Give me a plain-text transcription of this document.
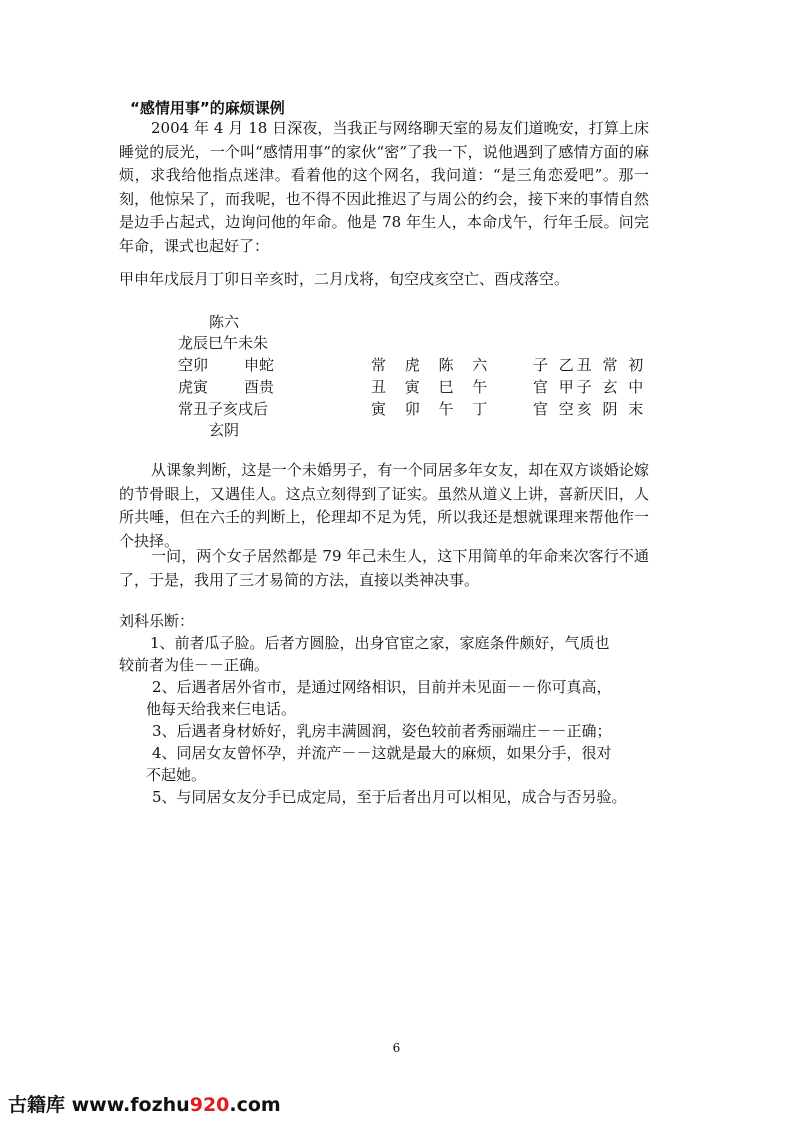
“感情用事”的麻烦课例

2004 年 4 月 18 日深夜，当我正与网络聊天室的易友们道晚安，打算上床睡觉的辰光，一个叫“感情用事”的家伙“密”了我一下，说他遇到了感情方面的麻烦，求我给他指点迷津。看着他的这个网名，我问道：“是三角恋爱吧”。那一刻，他惊呆了，而我呢，也不得不因此推迟了与周公的约会，接下来的事情自然是边手占起式，边询问他的年命。他是 78 年生人，本命戊午，行年壬辰。问完年命，课式也起好了：

甲申年戊辰月丁卯日辛亥时，二月戊将，旬空戌亥空亡、酉戌落空。

陈六
龙辰巳午未朱
空卯 申蛇
虎寅 酉贵
常丑子亥戌后
玄阴
常 虎 陈 六
丑 寅 巳 午
寅 卯 午 丁
子 乙丑 常 初
官 甲子 玄 中
官 空亥 阴 末

从课象判断，这是一个未婚男子，有一个同居多年女友，却在双方谈婚论嫁的节骨眼上，又遇佳人。这点立刻得到了证实。虽然从道义上讲，喜新厌旧，人所共唾，但在六壬的判断上，伦理却不足为凭，所以我还是想就课理来帮他作一个抉择。

一问，两个女子居然都是 79 年己未生人，这下用简单的年命来次客行不通了，于是，我用了三才易简的方法，直接以类神决事。

刘科乐断：

1、前者瓜子脸。后者方圆脸，出身官宦之家，家庭条件颇好，气质也

较前者为佳－－正确。

2、后遇者居外省市，是通过网络相识，目前并未见面－－你可真高，

他每天给我来仨电话。

3、后遇者身材娇好，乳房丰满圆润，姿色较前者秀丽端庄－－正确；

4、同居女友曾怀孕，并流产－－这就是最大的麻烦，如果分手，很对

不起她。

5、与同居女友分手已成定局，至于后者出月可以相见，成合与否另验。

6
古籍库 www.fozhu920.com
